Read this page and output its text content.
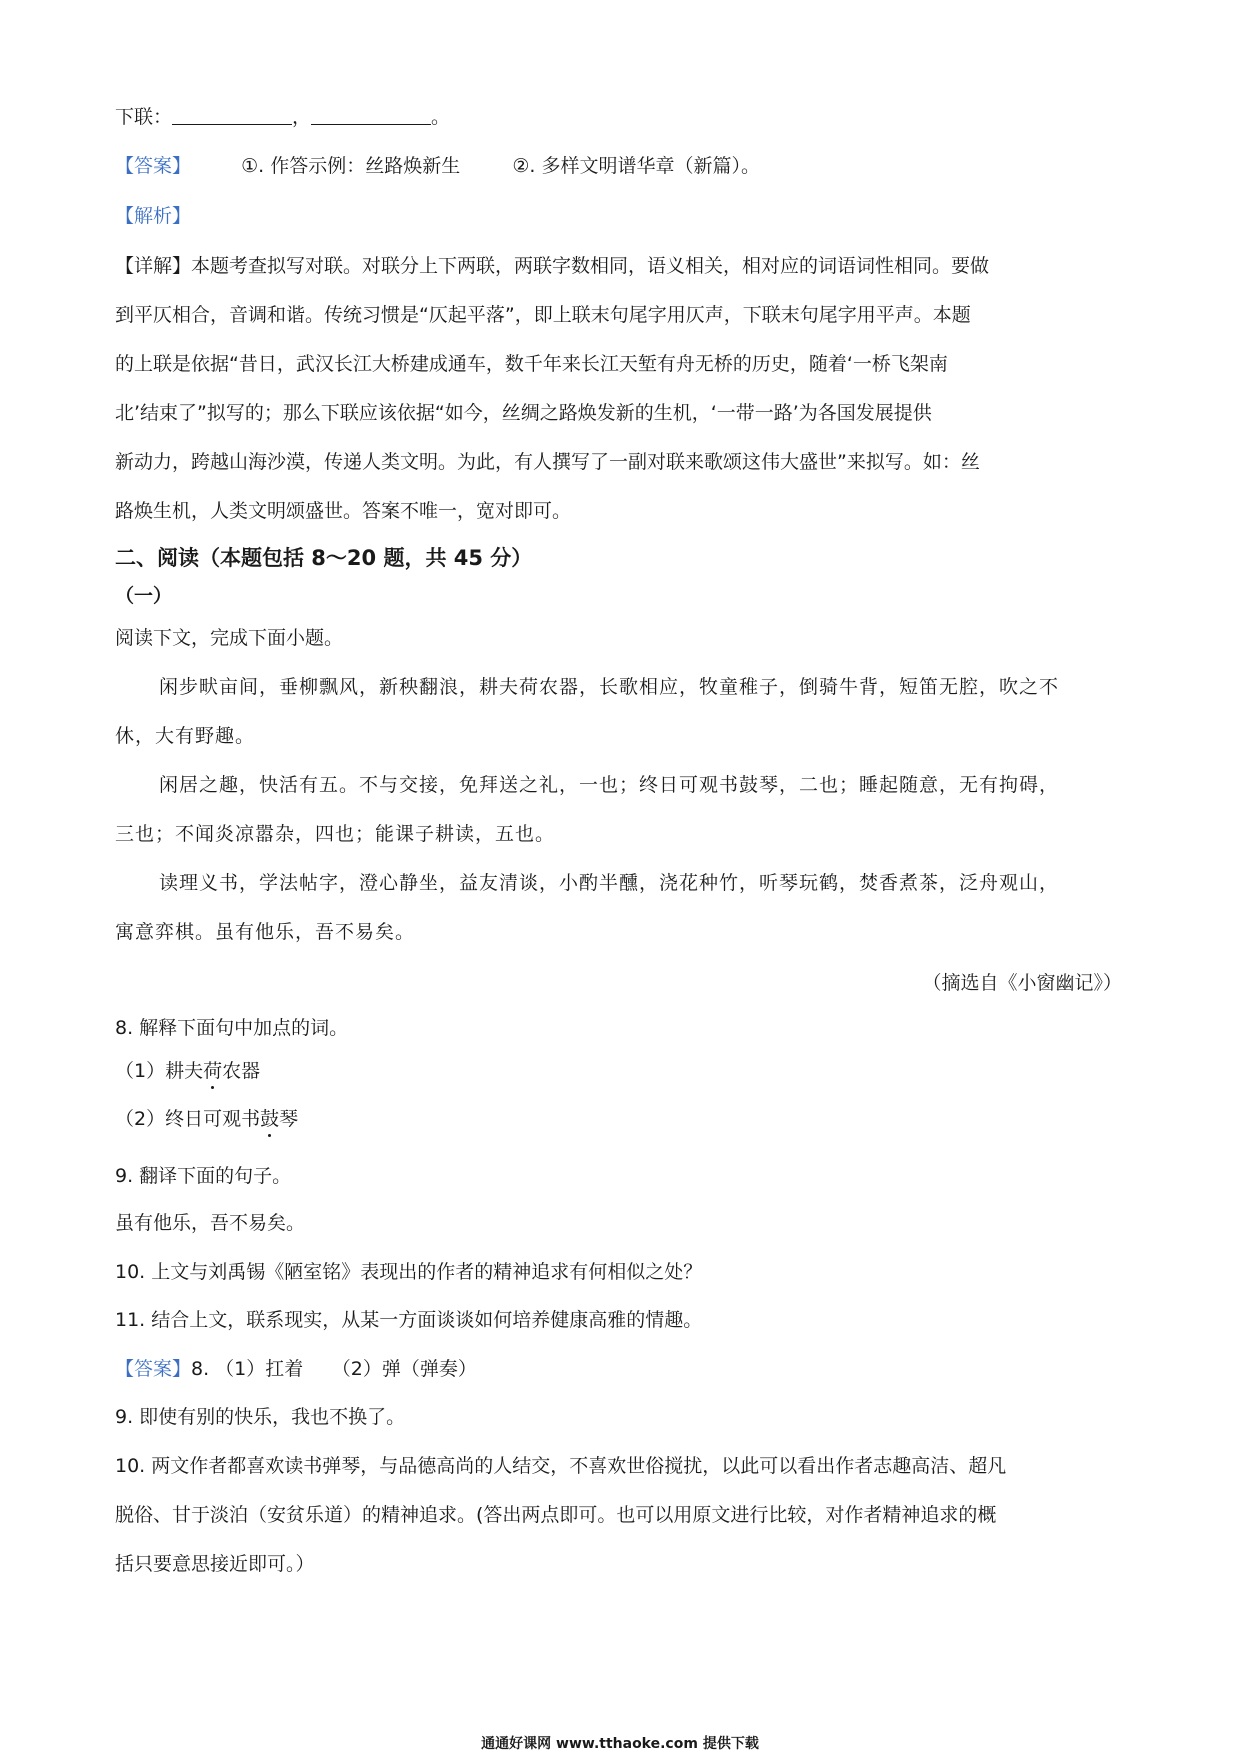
下联：	，	。
【答案】	①. 作答示例：丝路焕新生	②. 多样文明谱华章（新篇）。
【解析】
【详解】本题考查拟写对联。对联分上下两联，两联字数相同，语义相关，相对应的词语词性相同。要做
到平仄相合，音调和谐。传统习惯是“仄起平落”，即上联末句尾字用仄声，下联末句尾字用平声。本题
的上联是依据“昔日，武汉长江大桥建成通车，数千年来长江天堑有舟无桥的历史，随着‘一桥飞架南
北’结束了”拟写的；那么下联应该依据“如今，丝绸之路焕发新的生机，‘一带一路’为各国发展提供
新动力，跨越山海沙漠，传递人类文明。为此，有人撰写了一副对联来歌颂这伟大盛世”来拟写。如：丝
路焕生机，人类文明颂盛世。答案不唯一，宽对即可。
二、阅读（本题包括 8～20 题，共 45 分）
（一）
阅读下文，完成下面小题。
闲步畎亩间，垂柳飘风，新秧翻浪，耕夫荷农器，长歌相应，牧童稚子，倒骑牛背，短笛无腔，吹之不
休，大有野趣。
闲居之趣，快活有五。不与交接，免拜送之礼，一也；终日可观书鼓琴，二也；睡起随意，无有拘碍，
三也；不闻炎凉嚣杂，四也；能课子耕读，五也。
读理义书，学法帖字，澄心静坐，益友清谈，小酌半醺，浇花种竹，听琴玩鹤，焚香煮茶，泛舟观山，
寓意弈棋。虽有他乐，吾不易矣。
（摘选自《小窗幽记》）
8. 解释下面句中加点的词。
（1）耕夫荷农器
（2）终日可观书鼓琴
9. 翻译下面的句子。
虽有他乐，吾不易矣。
10. 上文与刘禹锡《陋室铭》表现出的作者的精神追求有何相似之处？
11. 结合上文，联系现实，从某一方面谈谈如何培养健康高雅的情趣。
【答案】8. （1）扛着　　（2）弹（弹奏）
9. 即使有别的快乐，我也不换了。
10. 两文作者都喜欢读书弹琴，与品德高尚的人结交，不喜欢世俗搅扰，以此可以看出作者志趣高洁、超凡
脱俗、甘于淡泊（安贫乐道）的精神追求。(答出两点即可。也可以用原文进行比较，对作者精神追求的概
括只要意思接近即可。）
通通好课网 www.tthaoke.com 提供下载
